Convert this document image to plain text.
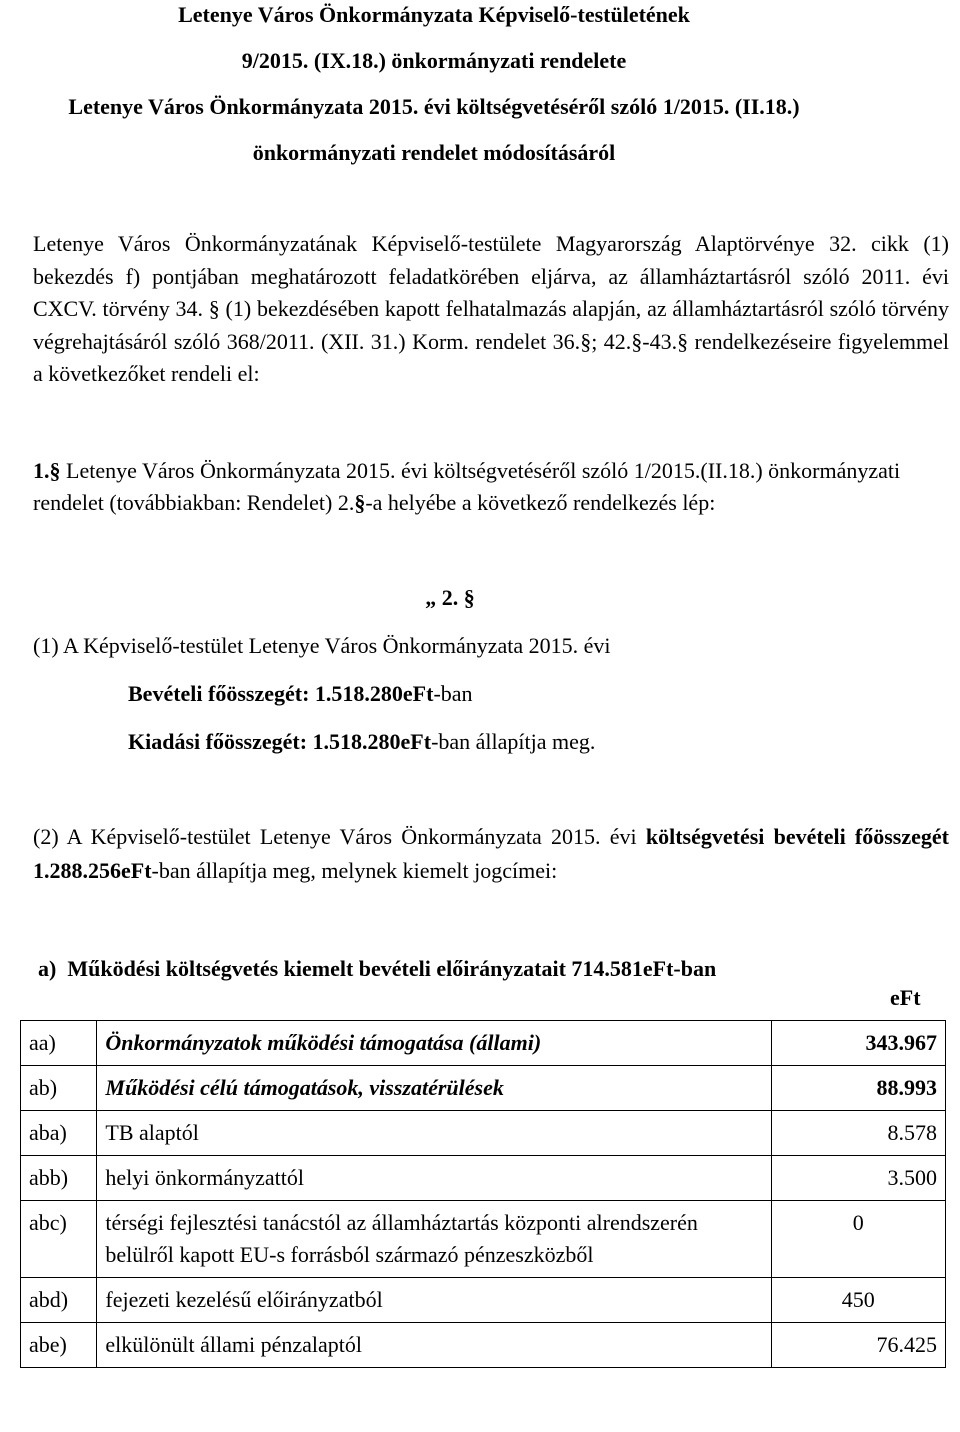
Letenye Város Önkormányzata Képviselő-testületének

9/2015. (IX.18.) önkormányzati rendelete

Letenye Város Önkormányzata 2015. évi költségvetéséről szóló 1/2015. (II.18.)

önkormányzati rendelet módosításáról

Letenye Város Önkormányzatának Képviselő-testülete Magyarország Alaptörvénye 32. cikk (1) bekezdés f) pontjában meghatározott feladatkörében eljárva, az államháztartásról szóló 2011. évi CXCV. törvény 34. § (1) bekezdésében kapott felhatalmazás alapján, az államháztartásról szóló törvény végrehajtásáról szóló 368/2011. (XII. 31.) Korm. rendelet 36.§; 42.§-43.§ rendelkezéseire figyelemmel a következőket rendeli el:
1.§ Letenye Város Önkormányzata 2015. évi költségvetéséről szóló 1/2015.(II.18.) önkormányzati rendelet (továbbiakban: Rendelet) 2.§-a helyébe a következő rendelkezés lép:
„ 2. §
(1) A Képviselő-testület Letenye Város Önkormányzata 2015. évi
Bevételi főösszegét: 1.518.280eFt-ban
Kiadási főösszegét: 1.518.280eFt-ban állapítja meg.
(2) A Képviselő-testület Letenye Város Önkormányzata 2015. évi költségvetési bevételi főösszegét 1.288.256eFt-ban állapítja meg, melynek kiemelt jogcímei:
a) Működési költségvetés kiemelt bevételi előirányzatait 714.581eFt-ban
eFt
aa)	Önkormányzatok működési támogatása (állami)	343.967
ab)	Működési célú támogatások, visszatérülések	88.993
aba)	TB alaptól	8.578
abb)	helyi önkormányzattól	3.500
abc)	térségi fejlesztési tanácstól az államháztartás központi alrendszerén belülről kapott EU-s forrásból származó pénzeszközből	0
abd)	fejezeti kezelésű előirányzatból	450
abe)	elkülönült állami pénzalaptól	76.425
